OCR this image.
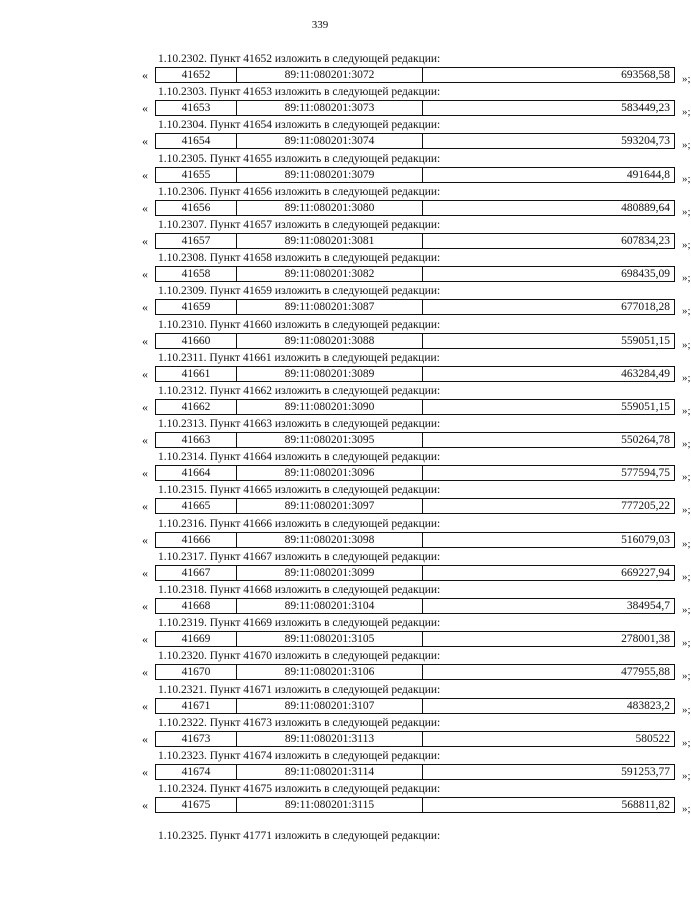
339
1.10.2302. Пункт 41652 изложить в следующей редакции:
«	41652	89:11:080201:3072	693568,58	»;
1.10.2303. Пункт 41653 изложить в следующей редакции:
«	41653	89:11:080201:3073	583449,23	»;
1.10.2304. Пункт 41654 изложить в следующей редакции:
«	41654	89:11:080201:3074	593204,73	»;
1.10.2305. Пункт 41655 изложить в следующей редакции:
«	41655	89:11:080201:3079	491644,8	»;
1.10.2306. Пункт 41656 изложить в следующей редакции:
«	41656	89:11:080201:3080	480889,64	»;
1.10.2307. Пункт 41657 изложить в следующей редакции:
«	41657	89:11:080201:3081	607834,23	»;
1.10.2308. Пункт 41658 изложить в следующей редакции:
«	41658	89:11:080201:3082	698435,09	»;
1.10.2309. Пункт 41659 изложить в следующей редакции:
«	41659	89:11:080201:3087	677018,28	»;
1.10.2310. Пункт 41660 изложить в следующей редакции:
«	41660	89:11:080201:3088	559051,15	»;
1.10.2311. Пункт 41661 изложить в следующей редакции:
«	41661	89:11:080201:3089	463284,49	»;
1.10.2312. Пункт 41662 изложить в следующей редакции:
«	41662	89:11:080201:3090	559051,15	»;
1.10.2313. Пункт 41663 изложить в следующей редакции:
«	41663	89:11:080201:3095	550264,78	»;
1.10.2314. Пункт 41664 изложить в следующей редакции:
«	41664	89:11:080201:3096	577594,75	»;
1.10.2315. Пункт 41665 изложить в следующей редакции:
«	41665	89:11:080201:3097	777205,22	»;
1.10.2316. Пункт 41666 изложить в следующей редакции:
«	41666	89:11:080201:3098	516079,03	»;
1.10.2317. Пункт 41667 изложить в следующей редакции:
«	41667	89:11:080201:3099	669227,94	»;
1.10.2318. Пункт 41668 изложить в следующей редакции:
«	41668	89:11:080201:3104	384954,7	»;
1.10.2319. Пункт 41669 изложить в следующей редакции:
«	41669	89:11:080201:3105	278001,38	»;
1.10.2320. Пункт 41670 изложить в следующей редакции:
«	41670	89:11:080201:3106	477955,88	»;
1.10.2321. Пункт 41671 изложить в следующей редакции:
«	41671	89:11:080201:3107	483823,2	»;
1.10.2322. Пункт 41673 изложить в следующей редакции:
«	41673	89:11:080201:3113	580522	»;
1.10.2323. Пункт 41674 изложить в следующей редакции:
«	41674	89:11:080201:3114	591253,77	»;
1.10.2324. Пункт 41675 изложить в следующей редакции:
«	41675	89:11:080201:3115	568811,82	»;
1.10.2325. Пункт 41771 изложить в следующей редакции:
